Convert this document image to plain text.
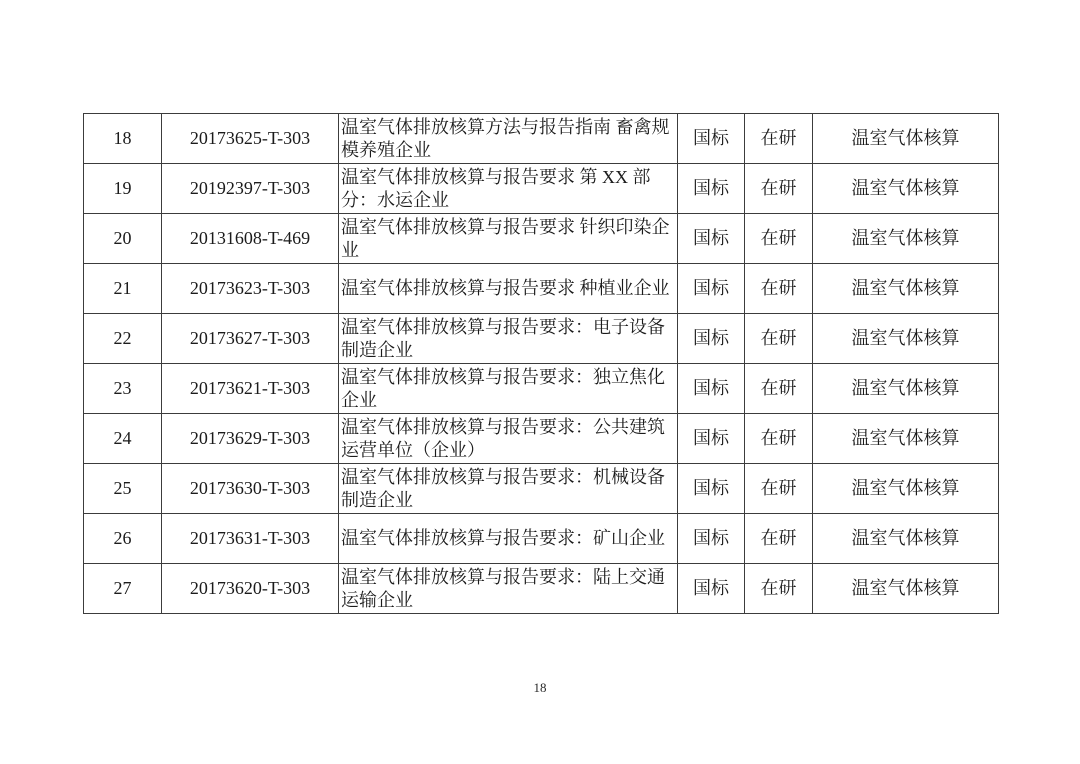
18	20173625-T-303	温室气体排放核算方法与报告指南 畜禽规模养殖企业	国标	在研	温室气体核算
19	20192397-T-303	温室气体排放核算与报告要求 第 XX 部分：水运企业	国标	在研	温室气体核算
20	20131608-T-469	温室气体排放核算与报告要求 针织印染企业	国标	在研	温室气体核算
21	20173623-T-303	温室气体排放核算与报告要求 种植业企业	国标	在研	温室气体核算
22	20173627-T-303	温室气体排放核算与报告要求：电子设备制造企业	国标	在研	温室气体核算
23	20173621-T-303	温室气体排放核算与报告要求：独立焦化企业	国标	在研	温室气体核算
24	20173629-T-303	温室气体排放核算与报告要求：公共建筑运营单位（企业）	国标	在研	温室气体核算
25	20173630-T-303	温室气体排放核算与报告要求：机械设备制造企业	国标	在研	温室气体核算
26	20173631-T-303	温室气体排放核算与报告要求：矿山企业	国标	在研	温室气体核算
27	20173620-T-303	温室气体排放核算与报告要求：陆上交通运输企业	国标	在研	温室气体核算
18
